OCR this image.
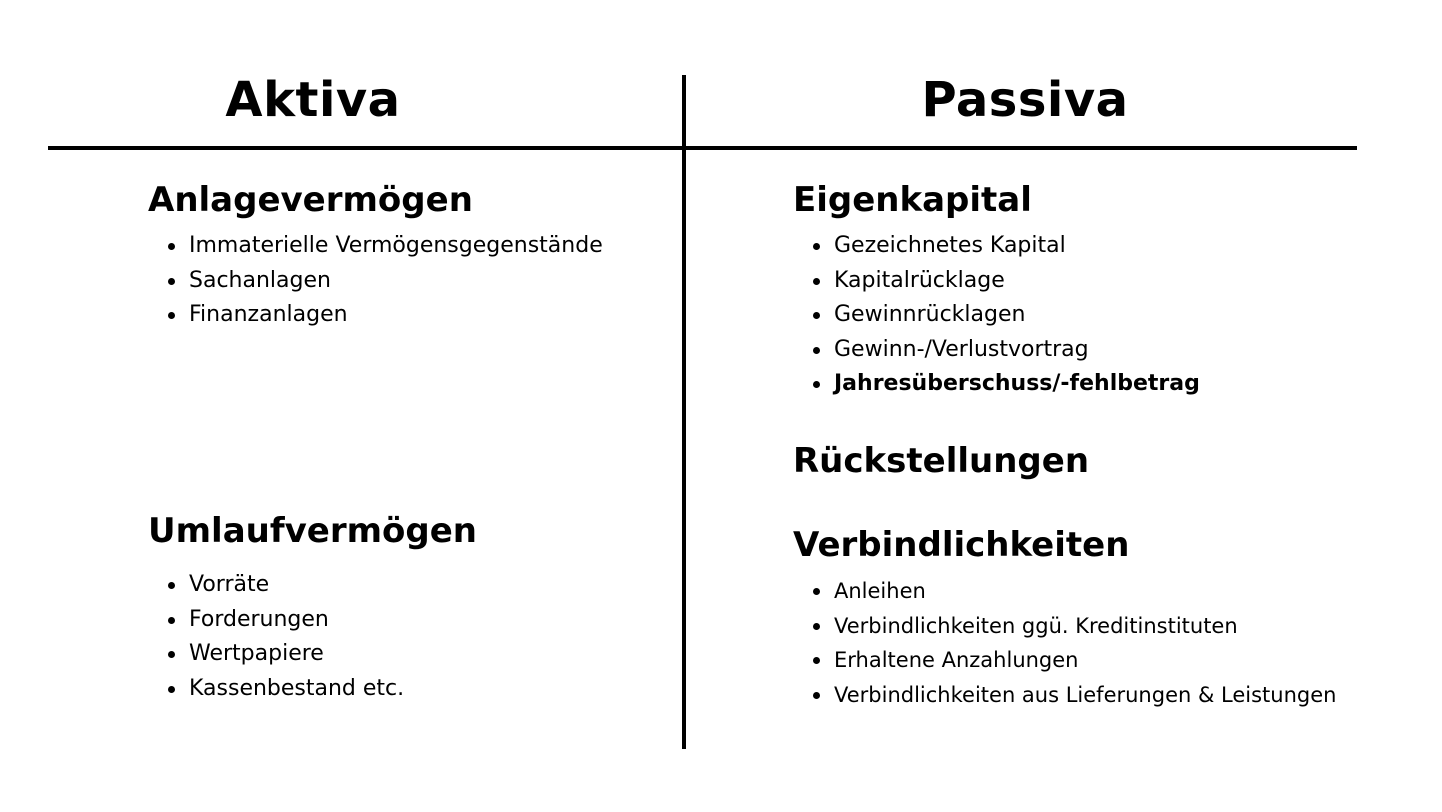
Aktiva	Passiva
Anlagevermögen
Immaterielle Vermögensgegenstände
Sachanlagen
Finanzanlagen
Umlaufvermögen
Vorräte
Forderungen
Wertpapiere
Kassenbestand etc.
Eigenkapital
Gezeichnetes Kapital
Kapitalrücklage
Gewinnrücklagen
Gewinn-/Verlustvortrag
Jahresüberschuss/-fehlbetrag
Rückstellungen
Verbindlichkeiten
Anleihen
Verbindlichkeiten ggü. Kreditinstituten
Erhaltene Anzahlungen
Verbindlichkeiten aus Lieferungen & Leistungen
